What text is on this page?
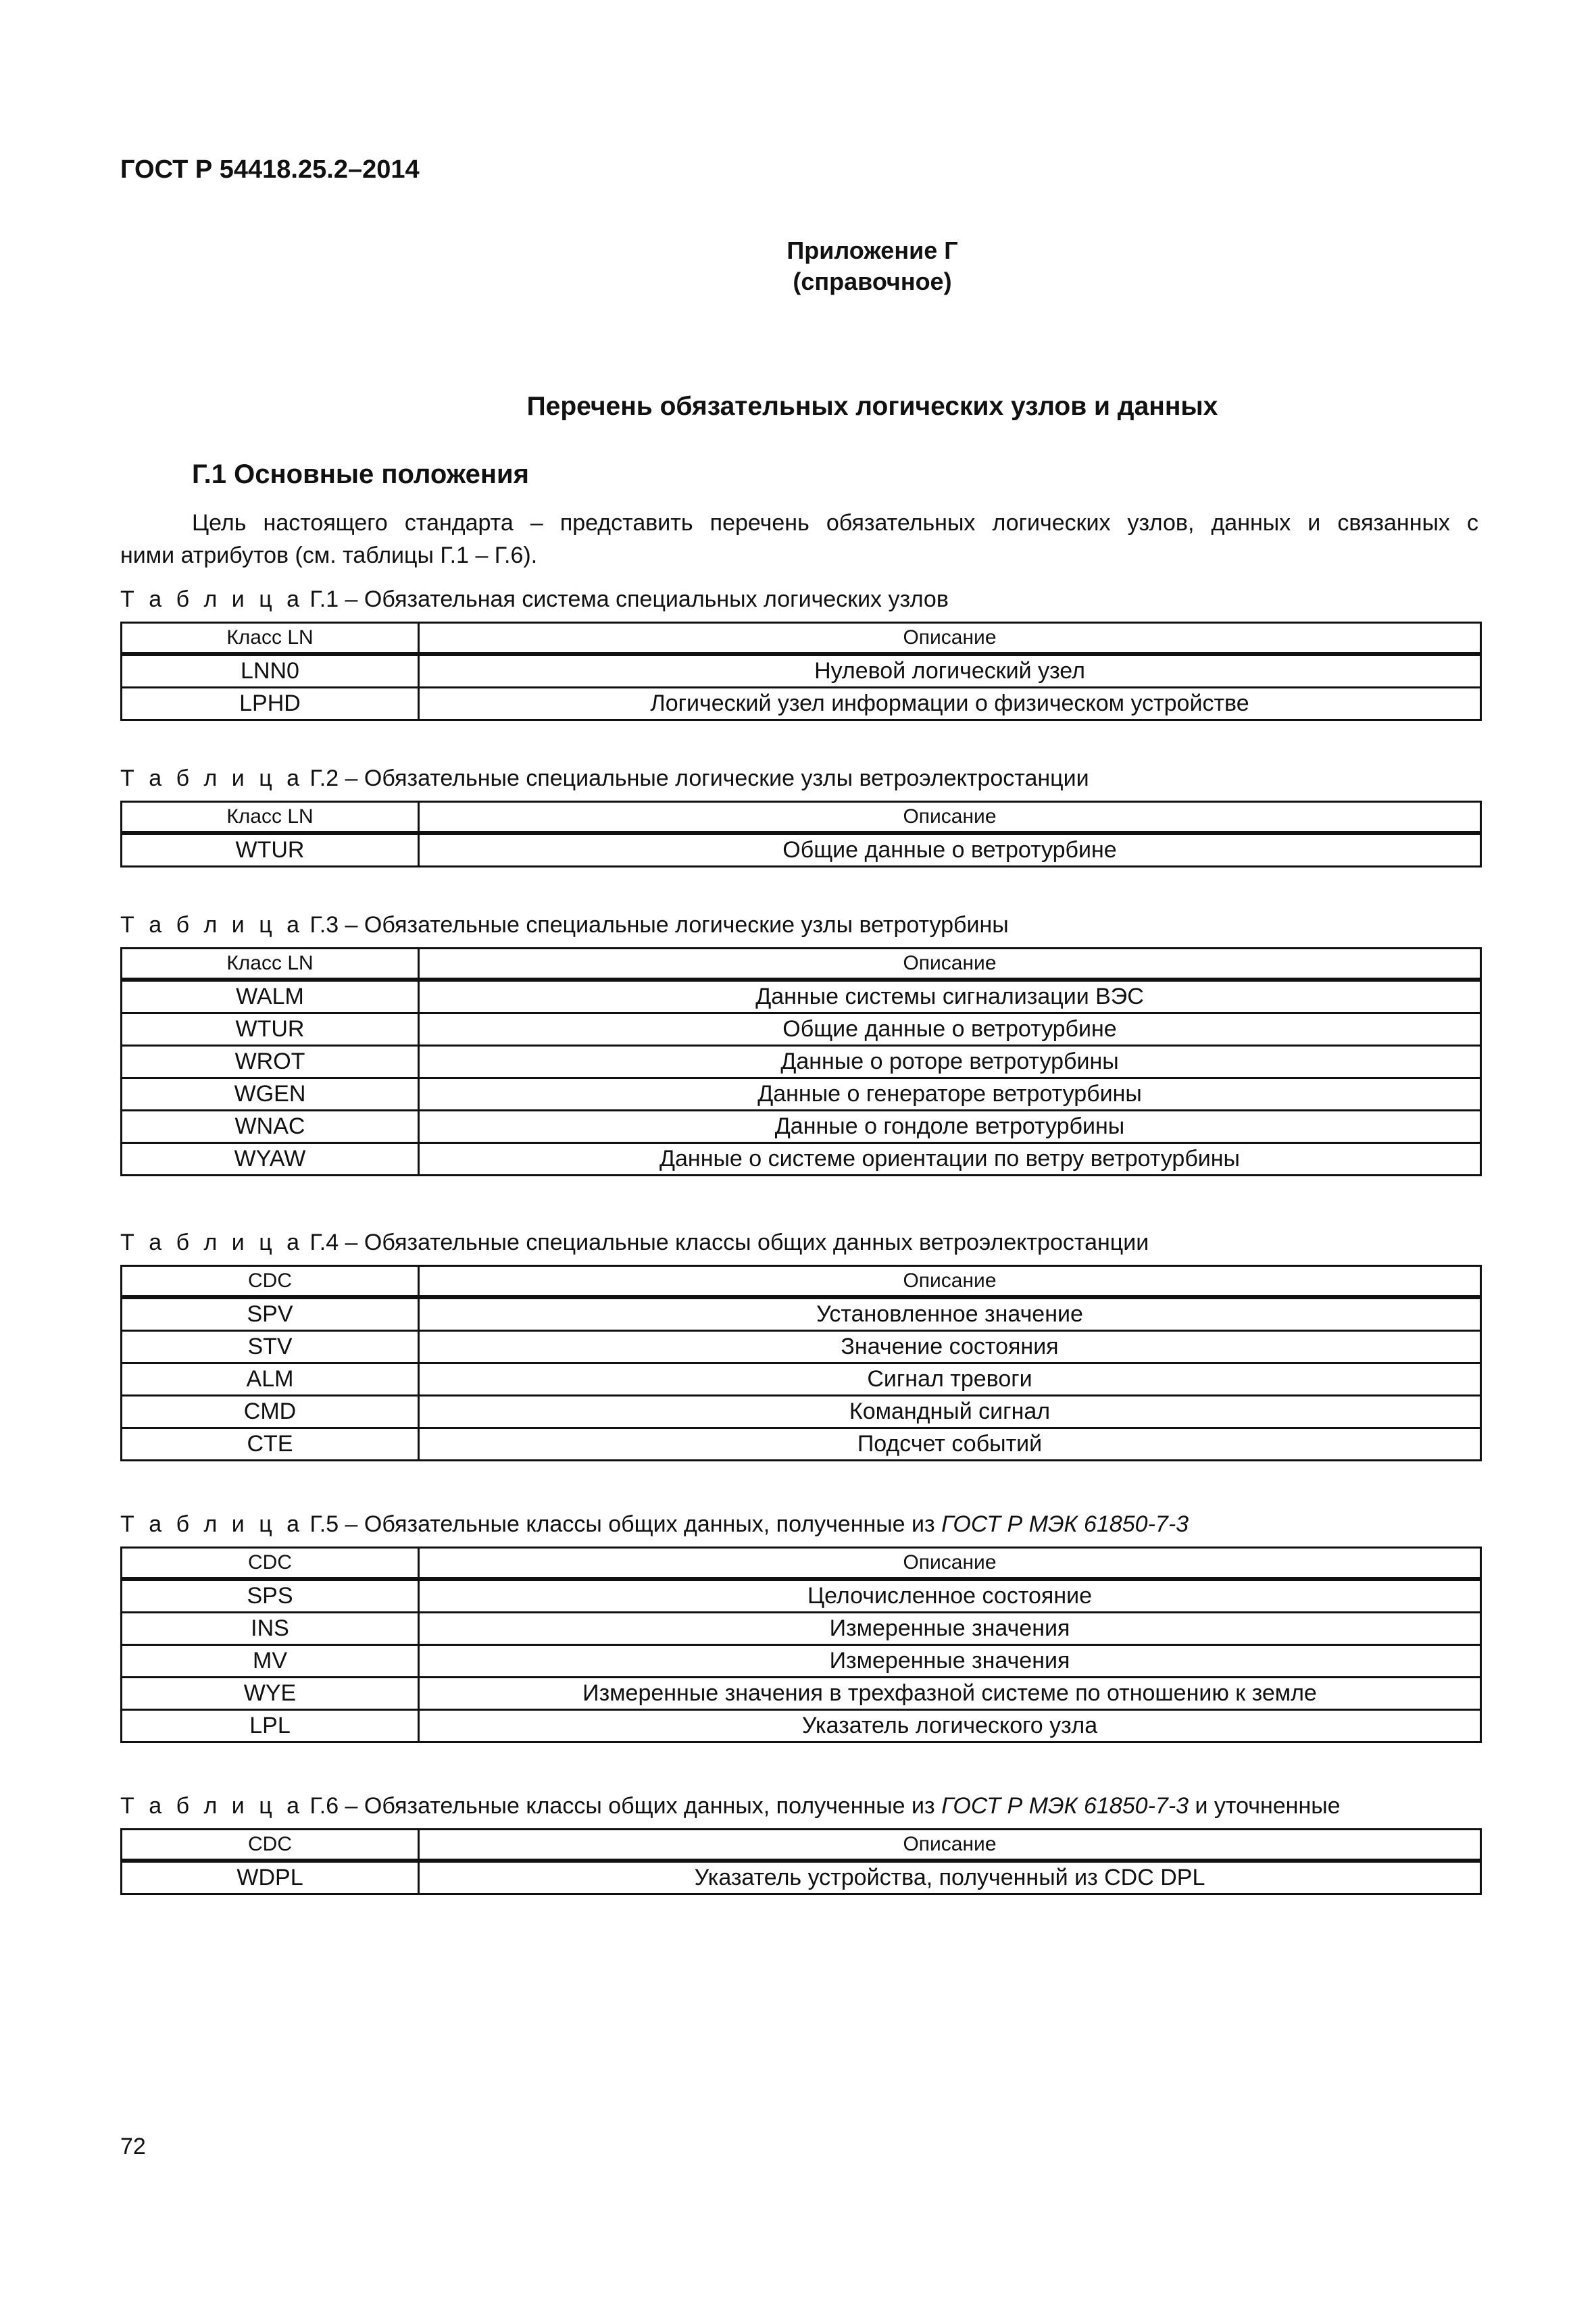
ГОСТ Р 54418.25.2–2014

Приложение Г
(справочное)
Перечень обязательных логических узлов и данных
Г.1 Основные положения
Цель настоящего стандарта – представить перечень обязательных логических узлов, данных и связанных с
ними атрибутов (см. таблицы Г.1 – Г.6).

Т а б л и ц а Г.1 – Обязательная система специальных логических узлов

Класс LN	Описание
LNN0	Нулевой логический узел
LPHD	Логический узел информации о физическом устройстве

Т а б л и ц а Г.2 – Обязательные специальные логические узлы ветроэлектростанции

Класс LN	Описание
WTUR	Общие данные о ветротурбине

Т а б л и ц а Г.3 – Обязательные специальные логические узлы ветротурбины

Класс LN	Описание
WALM	Данные системы сигнализации ВЭС
WTUR	Общие данные о ветротурбине
WROT	Данные о роторе ветротурбины
WGEN	Данные о генераторе ветротурбины
WNAC	Данные о гондоле ветротурбины
WYAW	Данные о системе ориентации по ветру ветротурбины

Т а б л и ц а Г.4 – Обязательные специальные классы общих данных ветроэлектростанции

CDC	Описание
SPV	Установленное значение
STV	Значение состояния
ALM	Сигнал тревоги
CMD	Командный сигнал
CTE	Подсчет событий

Т а б л и ц а Г.5 – Обязательные классы общих данных, полученные из ГОСТ Р МЭК 61850-7-3

CDC	Описание
SPS	Целочисленное состояние
INS	Измеренные значения
MV	Измеренные значения
WYE	Измеренные значения в трехфазной системе по отношению к земле
LPL	Указатель логического узла

Т а б л и ц а Г.6 – Обязательные классы общих данных, полученные из ГОСТ Р МЭК 61850-7-3 и уточненные

CDC	Описание
WDPL	Указатель устройства, полученный из CDC DPL

72
